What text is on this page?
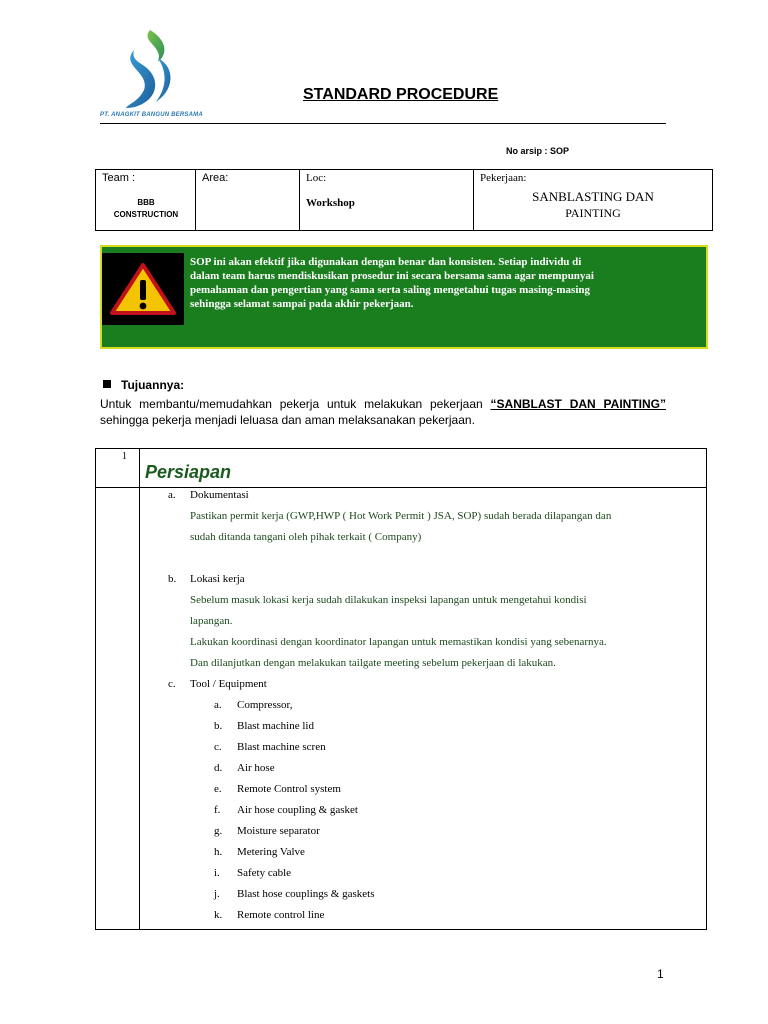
PT. ANAGKIT BANGUN BERSAMA
STANDARD PROCEDURE
No arsip : SOP
Team :
BBB
CONSTRUCTION
Area:	Loc:
Workshop
Pekerjaan:
SANBLASTING DAN
PAINTING
SOP ini akan efektif jika digunakan dengan benar dan konsisten. Setiap individu di
dalam team harus mendiskusikan prosedur ini secara bersama sama agar mempunyai
pemahaman dan pengertian yang sama serta saling mengetahui tugas masing-masing
sehingga selamat sampai pada akhir pekerjaan.
Tujuannya:
Untuk membantu/memudahkan pekerja untuk melakukan pekerjaan “SANBLAST DAN PAINTING” sehingga pekerja menjadi leluasa dan aman melaksanakan pekerjaan.
1
Persiapan
a. Dokumentasi
Pastikan permit kerja (GWP,HWP ( Hot Work Permit ) JSA, SOP) sudah berada dilapangan dan
sudah ditanda tangani oleh pihak terkait ( Company)
b. Lokasi kerja
Sebelum masuk lokasi kerja sudah dilakukan inspeksi lapangan untuk mengetahui kondisi
lapangan.
Lakukan koordinasi dengan koordinator lapangan untuk memastikan kondisi yang sebenarnya.
Dan dilanjutkan dengan melakukan tailgate meeting sebelum pekerjaan di lakukan.
c. Tool / Equipment
a. Compressor,
b. Blast machine lid
c. Blast machine scren
d. Air hose
e. Remote Control system
f. Air hose coupling & gasket
g. Moisture separator
h. Metering Valve
i. Safety cable
j. Blast hose couplings & gaskets
k. Remote control line
1
